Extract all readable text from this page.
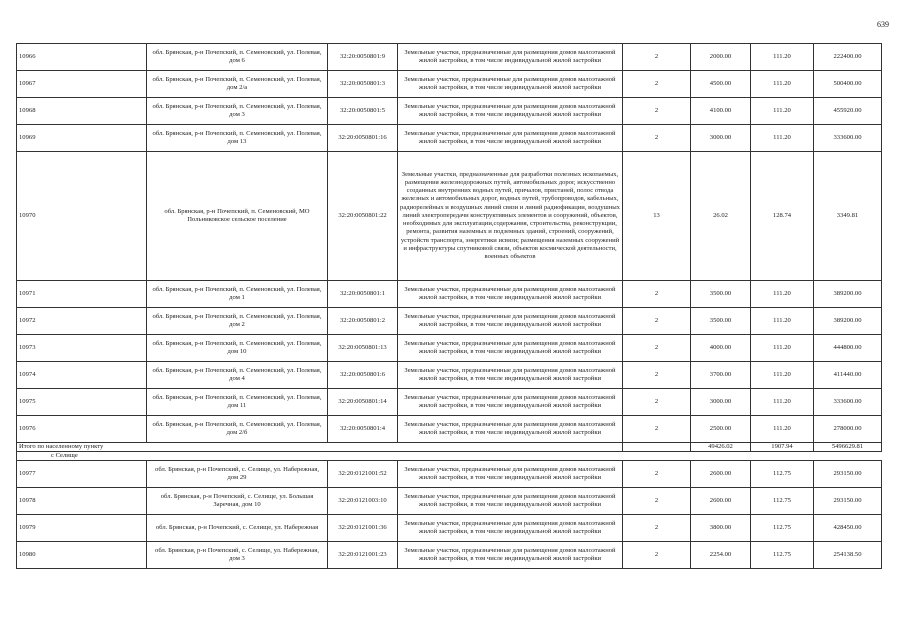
639
10966	обл. Брянская, р-н Почепский, п. Семеновский, ул. Полевая, дом 6	32:20:0050801:9	Земельные участки, предназначенные для размещения домов малоэтажной жилой застройки, в том числе индивидуальной жилой застройки	2	2000.00	111.20	222400.00
10967	обл. Брянская, р-н Почепский, п. Семеновский, ул. Полевая, дом 2/а	32:20:0050801:3	Земельные участки, предназначенные для размещения домов малоэтажной жилой застройки, в том числе индивидуальной жилой застройки	2	4500.00	111.20	500400.00
10968	обл. Брянская, р-н Почепский, п. Семеновский, ул. Полевая, дом 3	32:20:0050801:5	Земельные участки, предназначенные для размещения домов малоэтажной жилой застройки, в том числе индивидуальной жилой застройки	2	4100.00	111.20	455920.00
10969	обл. Брянская, р-н Почепский, п. Семеновский, ул. Полевая, дом 13	32:20:0050801:16	Земельные участки, предназначенные для размещения домов малоэтажной жилой застройки, в том числе индивидуальной жилой застройки	2	3000.00	111.20	333600.00
10970	обл. Брянская, р-н Почепский, п. Семеновский, МО Польниковское сельское поселение	32:20:0050801:22	Земельные участки, предназначенные для разработки полезных ископаемых, размещения железнодорожных путей, автомобильных дорог, искусственно созданных внутренних водных путей, причалов, пристаней, полос отвода железных и автомобильных дорог, водных путей, трубопроводов, кабельных, радиорелейных и воздушных линий связи и линий радиофикации, воздушных линий электропередачи конструктивных элементов и сооружений, объектов, необходимых для эксплуатации,содержания, строительства, реконструкции, ремонта, развития наземных и подземных зданий, строений, сооружений, устройств транспорта, энергетики исвязи; размещения наземных сооружений и инфраструктуры спутниковой связи, объектов космической деятельности, военных объектов	13	26.02	128.74	3349.81
10971	обл. Брянская, р-н Почепский, п. Семеновский, ул. Полевая, дом 1	32:20:0050801:1	Земельные участки, предназначенные для размещения домов малоэтажной жилой застройки, в том числе индивидуальной жилой застройки	2	3500.00	111.20	389200.00
10972	обл. Брянская, р-н Почепский, п. Семеновский, ул. Полевая, дом 2	32:20:0050801:2	Земельные участки, предназначенные для размещения домов малоэтажной жилой застройки, в том числе индивидуальной жилой застройки	2	3500.00	111.20	389200.00
10973	обл. Брянская, р-н Почепский, п. Семеновский, ул. Полевая, дом 10	32:20:0050801:13	Земельные участки, предназначенные для размещения домов малоэтажной жилой застройки, в том числе индивидуальной жилой застройки	2	4000.00	111.20	444800.00
10974	обл. Брянская, р-н Почепский, п. Семеновский, ул. Полевая, дом 4	32:20:0050801:6	Земельные участки, предназначенные для размещения домов малоэтажной жилой застройки, в том числе индивидуальной жилой застройки	2	3700.00	111.20	411440.00
10975	обл. Брянская, р-н Почепский, п. Семеновский, ул. Полевая, дом 11	32:20:0050801:14	Земельные участки, предназначенные для размещения домов малоэтажной жилой застройки, в том числе индивидуальной жилой застройки	2	3000.00	111.20	333600.00
10976	обл. Брянская, р-н Почепский, п. Семеновский, ул. Полевая, дом 2/б	32:20:0050801:4	Земельные участки, предназначенные для размещения домов малоэтажной жилой застройки, в том числе индивидуальной жилой застройки	2	2500.00	111.20	278000.00
Итого по населенному пункту					49426.02	1907.94	5496629.81
с Селище							
10977	обл. Брянская, р-н Почепский, с. Селище, ул. Набережная, дом 29	32:20:0121001:52	Земельные участки, предназначенные для размещения домов малоэтажной жилой застройки, в том числе индивидуальной жилой застройки	2	2600.00	112.75	293150.00
10978	обл. Брянская, р-н Почепский, с. Селище, ул. Большая Заречная, дом 10	32:20:0121003:10	Земельные участки, предназначенные для размещения домов малоэтажной жилой застройки, в том числе индивидуальной жилой застройки	2	2600.00	112.75	293150.00
10979	обл. Брянская, р-н Почепский, с. Селище, ул. Набережная	32:20:0121001:36	Земельные участки, предназначенные для размещения домов малоэтажной жилой застройки, в том числе индивидуальной жилой застройки	2	3800.00	112.75	428450.00
10980	обл. Брянская, р-н Почепский, с. Селище, ул. Набережная, дом 3	32:20:0121001:23	Земельные участки, предназначенные для размещения домов малоэтажной жилой застройки, в том числе индивидуальной жилой застройки	2	2254.00	112.75	254138.50
